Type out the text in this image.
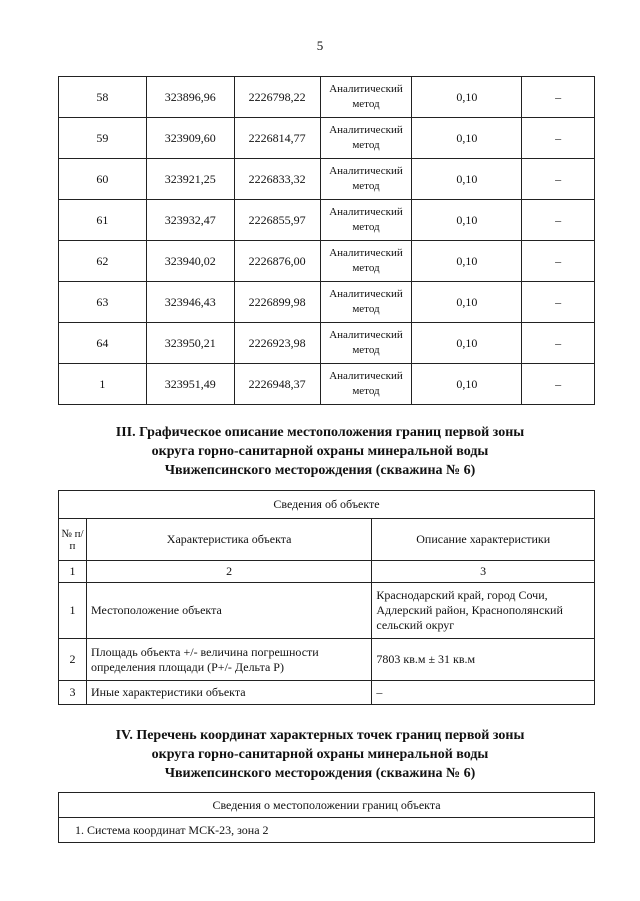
5
58	323896,96	2226798,22	Аналитический метод	0,10	–
59	323909,60	2226814,77	Аналитический метод	0,10	–
60	323921,25	2226833,32	Аналитический метод	0,10	–
61	323932,47	2226855,97	Аналитический метод	0,10	–
62	323940,02	2226876,00	Аналитический метод	0,10	–
63	323946,43	2226899,98	Аналитический метод	0,10	–
64	323950,21	2226923,98	Аналитический метод	0,10	–
1	323951,49	2226948,37	Аналитический метод	0,10	–
III. Графическое описание местоположения границ первой зоны
округа горно-санитарной охраны минеральной воды
Чвижепсинского месторождения (скважина № 6)
Сведения об объекте		
№ п/п	Характеристика объекта	Описание характеристики
1	2	3
1	Местоположение объекта	Краснодарский край, город Сочи, Адлерский район, Краснополянский сельский округ
2	Площадь объекта +/- величина погрешности определения площади (Р+/- Дельта Р)	7803 кв.м ± 31 кв.м
3	Иные характеристики объекта	–
IV. Перечень координат характерных точек границ первой зоны
округа горно-санитарной охраны минеральной воды
Чвижепсинского месторождения (скважина № 6)
Сведения о местоположении границ объекта
1. Система координат МСК-23, зона 2
